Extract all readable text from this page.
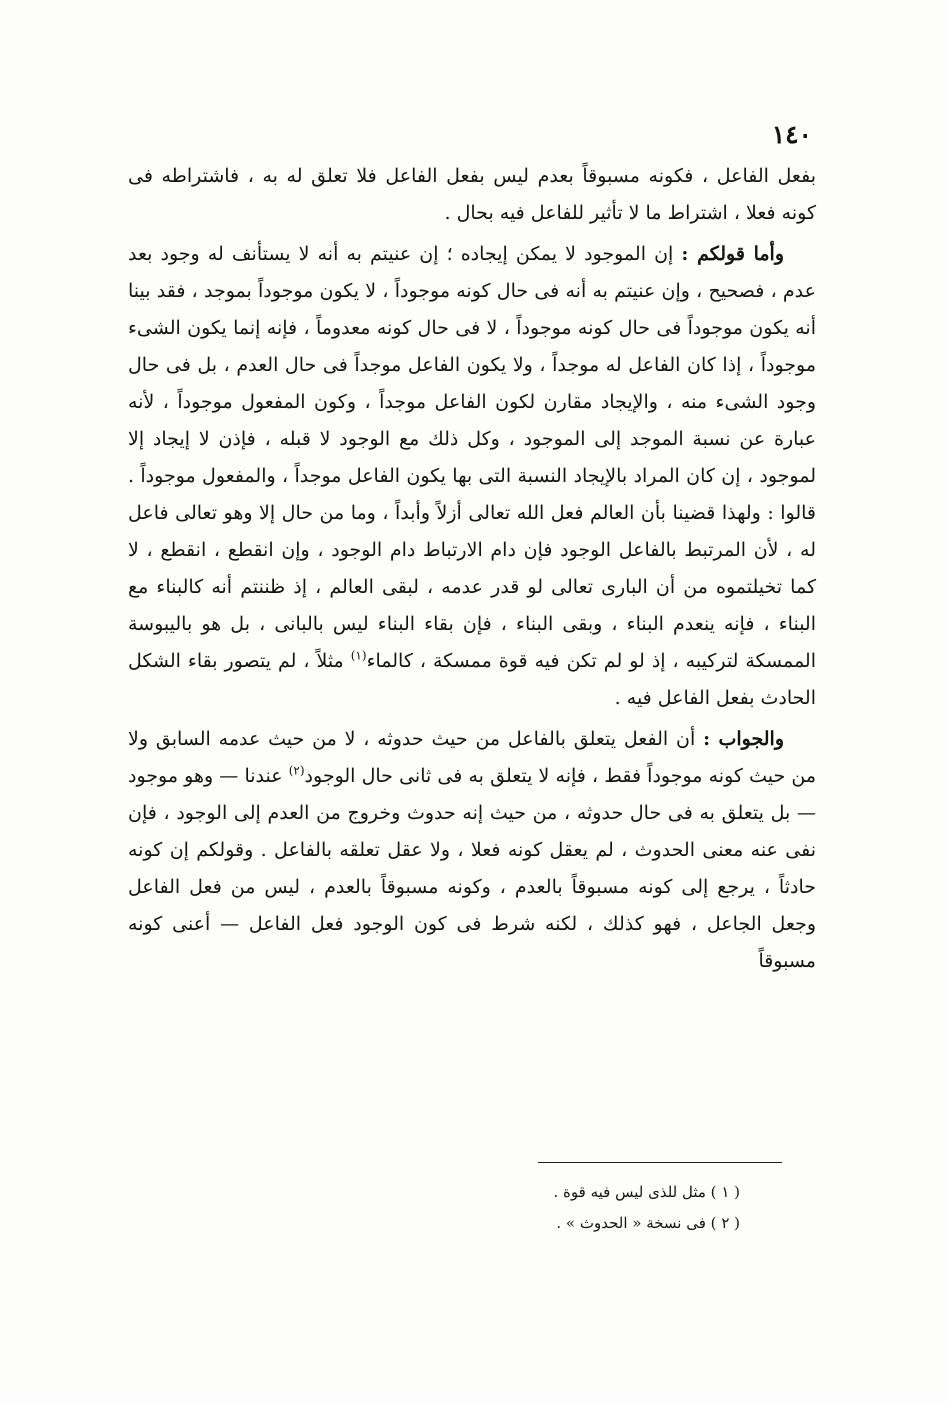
١٤٠

بفعل الفاعل ، فكونه مسبوقاً بعدم ليس بفعل الفاعل فلا تعلق له به ، فاشتراطه فى كونه فعلا ، اشتراط ما لا تأثير للفاعل فيه بحال .

وأما قولكم : إن الموجود لا يمكن إيجاده ؛ إن عنيتم به أنه لا يستأنف له وجود بعد عدم ، فصحيح ، وإن عنيتم به أنه فى حال كونه موجوداً ، لا يكون موجوداً بموجد ، فقد بينا أنه يكون موجوداً فى حال كونه موجوداً ، لا فى حال كونه معدوماً ، فإنه إنما يكون الشىء موجوداً ، إذا كان الفاعل له موجداً ، ولا يكون الفاعل موجداً فى حال العدم ، بل فى حال وجود الشىء منه ، والإيجاد مقارن لكون الفاعل موجداً ، وكون المفعول موجوداً ، لأنه عبارة عن نسبة الموجد إلى الموجود ، وكل ذلك مع الوجود لا قبله ، فإذن لا إيجاد إلا لموجود ، إن كان المراد بالإيجاد النسبة التى بها يكون الفاعل موجداً ، والمفعول موجوداً . قالوا : ولهذا قضينا بأن العالم فعل الله تعالى أزلاً وأبداً ، وما من حال إلا وهو تعالى فاعل له ، لأن المرتبط بالفاعل الوجود فإن دام الارتباط دام الوجود ، وإن انقطع ، انقطع ، لا كما تخيلتموه من أن البارى تعالى لو قدر عدمه ، لبقى العالم ، إذ ظننتم أنه كالبناء مع البناء ، فإنه ينعدم البناء ، وبقى البناء ، فإن بقاء البناء ليس بالبانى ، بل هو باليبوسة الممسكة لتركيبه ، إذ لو لم تكن فيه قوة ممسكة ، كالماء$^{(١)}$ مثلاً ، لم يتصور بقاء الشكل الحادث بفعل الفاعل فيه .

والجواب : أن الفعل يتعلق بالفاعل من حيث حدوثه ، لا من حيث عدمه السابق ولا من حيث كونه موجوداً فقط ، فإنه لا يتعلق به فى ثانى حال الوجود$^{(٢)}$ عندنا — وهو موجود — بل يتعلق به فى حال حدوثه ، من حيث إنه حدوث وخروج من العدم إلى الوجود ، فإن نفى عنه معنى الحدوث ، لم يعقل كونه فعلا ، ولا عقل تعلقه بالفاعل . وقولكم إن كونه حادثاً ، يرجع إلى كونه مسبوقاً بالعدم ، وكونه مسبوقاً بالعدم ، ليس من فعل الفاعل وجعل الجاعل ، فهو كذلك ، لكنه شرط فى كون الوجود فعل الفاعل — أعنى كونه مسبوقاً

( ١ ) مثل للذى ليس فيه قوة .

( ٢ ) فى نسخة « الحدوث » .
